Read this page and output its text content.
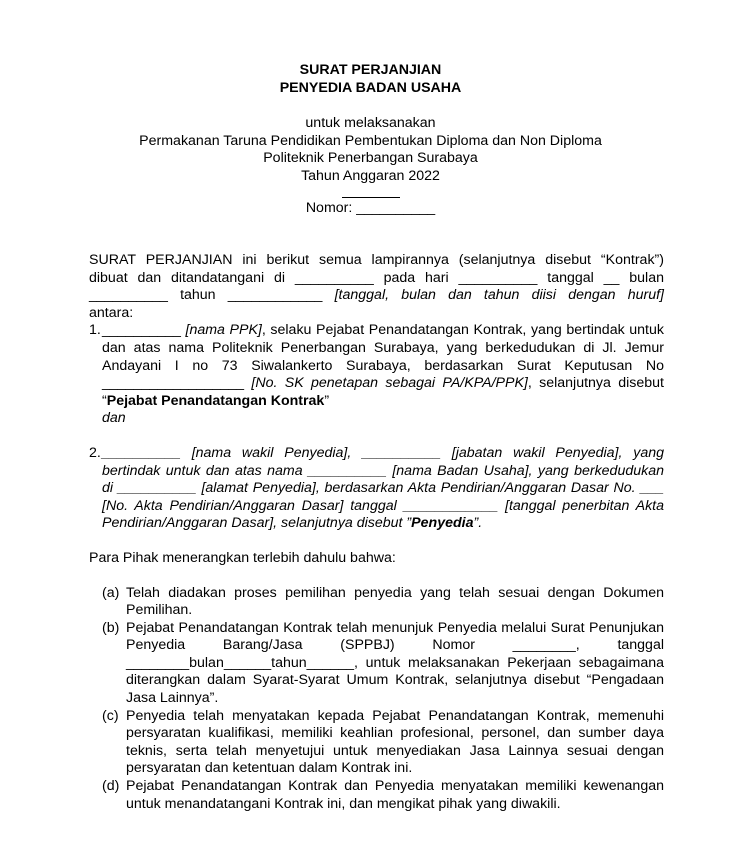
SURAT PERJANJIAN
PENYEDIA BADAN USAHA
untuk melaksanakan
Permakanan Taruna Pendidikan Pembentukan Diploma dan Non Diploma
Politeknik Penerbangan Surabaya
Tahun Anggaran 2022
Nomor: __________

SURAT PERJANJIAN ini berikut semua lampirannya (selanjutnya disebut “Kontrak”)

dibuat dan ditandatangani di __________ pada hari __________ tanggal __ bulan

__________ tahun ____________ [tanggal, bulan dan tahun diisi dengan huruf]

antara:

1. __________ [nama PPK], selaku Pejabat Penandatangan Kontrak, yang bertindak untuk dan atas nama Politeknik Penerbangan Surabaya, yang berkedudukan di Jl. Jemur Andayani I no 73 Siwalankerto Surabaya, berdasarkan Surat Keputusan No __________________ [No. SK penetapan sebagai PA/KPA/PPK], selanjutnya disebut “Pejabat Penandatangan Kontrak”
dan
2. __________ [nama wakil Penyedia], __________ [jabatan wakil Penyedia], yang bertindak untuk dan atas nama __________ [nama Badan Usaha], yang berkedudukan di __________ [alamat Penyedia], berdasarkan Akta Pendirian/Anggaran Dasar No. ___ [No. Akta Pendirian/Anggaran Dasar] tanggal ____________ [tanggal penerbitan Akta Pendirian/Anggaran Dasar], selanjutnya disebut ”Penyedia”.

Para Pihak menerangkan terlebih dahulu bahwa:

(a) Telah diadakan proses pemilihan penyedia yang telah sesuai dengan Dokumen Pemilihan.
(b) Pejabat Penandatangan Kontrak telah menunjuk Penyedia melalui Surat Penunjukan Penyedia Barang/Jasa (SPPBJ) Nomor ________, tanggal ________bulan______tahun______, untuk melaksanakan Pekerjaan sebagaimana diterangkan dalam Syarat-Syarat Umum Kontrak, selanjutnya disebut “Pengadaan Jasa Lainnya”.
(c) Penyedia telah menyatakan kepada Pejabat Penandatangan Kontrak, memenuhi persyaratan kualifikasi, memiliki keahlian profesional, personel, dan sumber daya teknis, serta telah menyetujui untuk menyediakan Jasa Lainnya sesuai dengan persyaratan dan ketentuan dalam Kontrak ini.
(d) Pejabat Penandatangan Kontrak dan Penyedia menyatakan memiliki kewenangan untuk menandatangani Kontrak ini, dan mengikat pihak yang diwakili.
